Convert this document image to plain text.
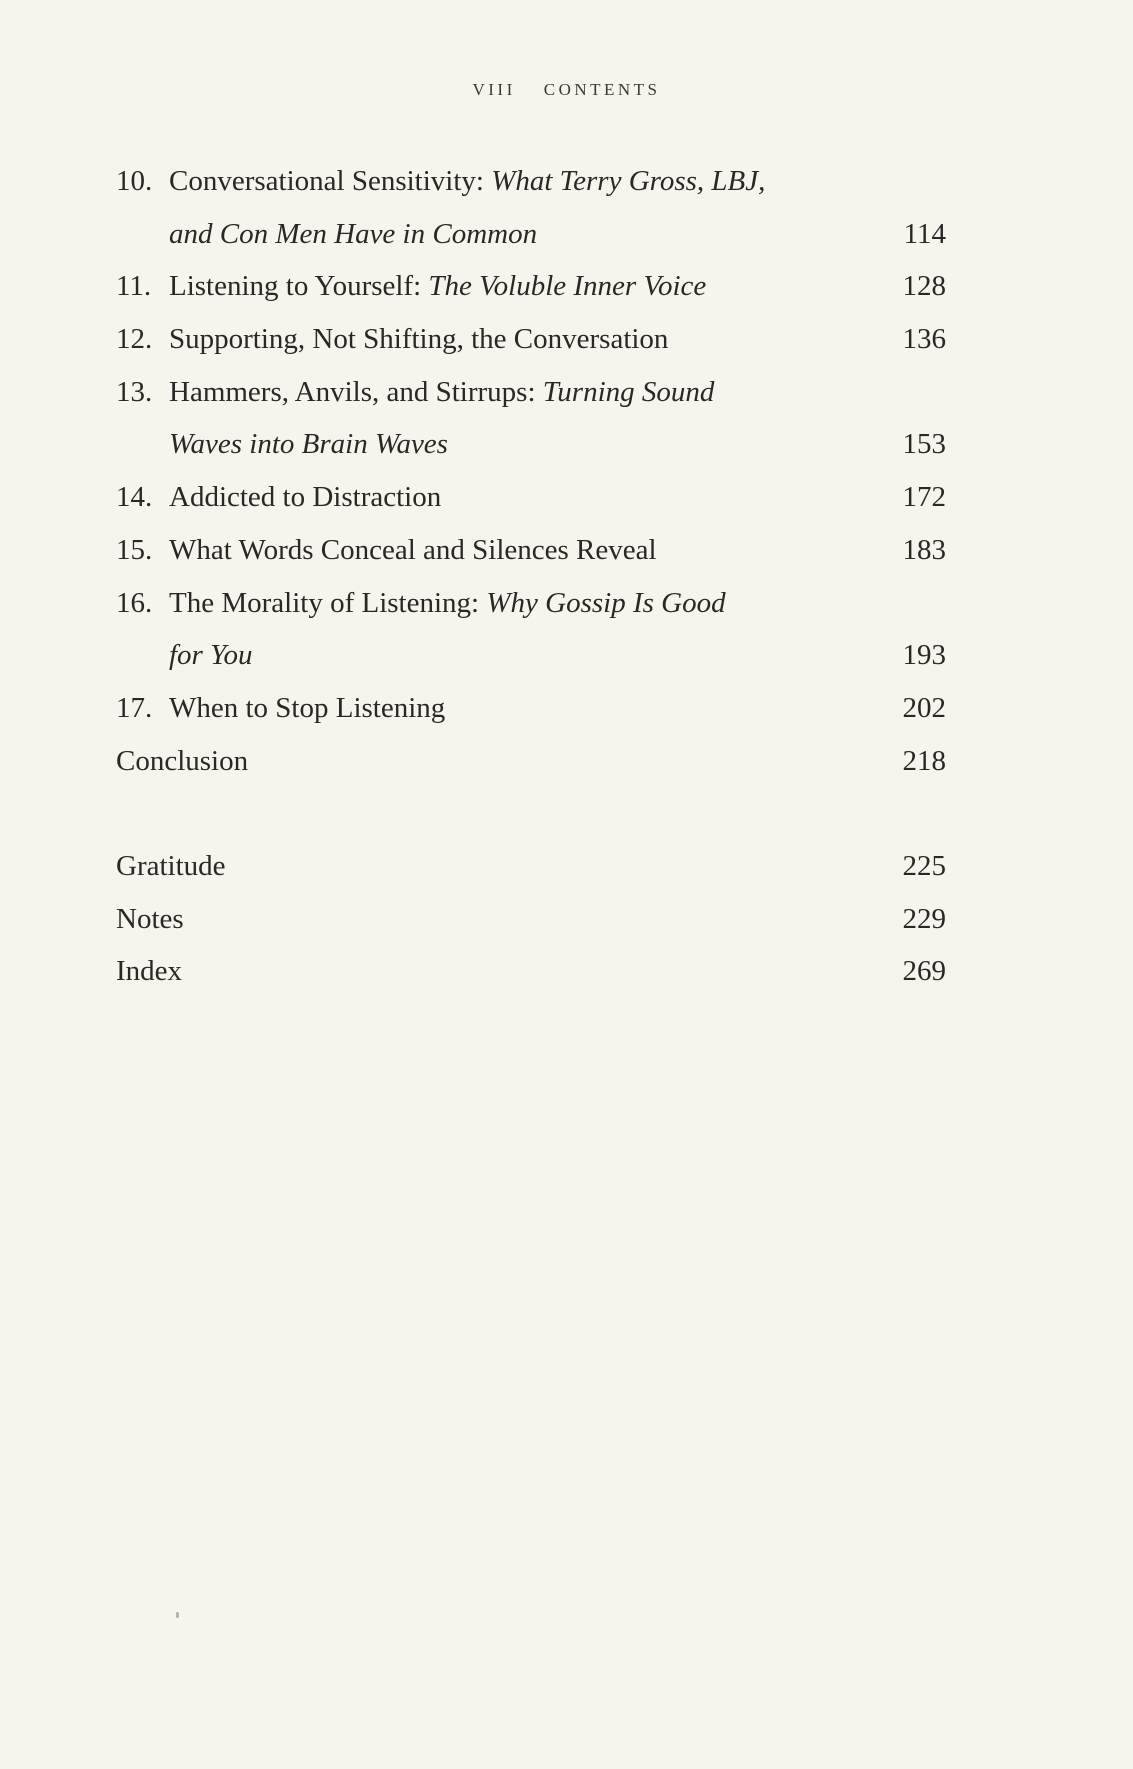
VIII CONTENTS
10. Conversational Sensitivity: What Terry Gross, LBJ,
and Con Men Have in Common	114
11. Listening to Yourself: The Voluble Inner Voice	128
12. Supporting, Not Shifting, the Conversation	136
13. Hammers, Anvils, and Stirrups: Turning Sound
Waves into Brain Waves	153
14. Addicted to Distraction	172
15. What Words Conceal and Silences Reveal	183
16. The Morality of Listening: Why Gossip Is Good
for You	193
17. When to Stop Listening	202
Conclusion	218
Gratitude	225
Notes	229
Index	269
